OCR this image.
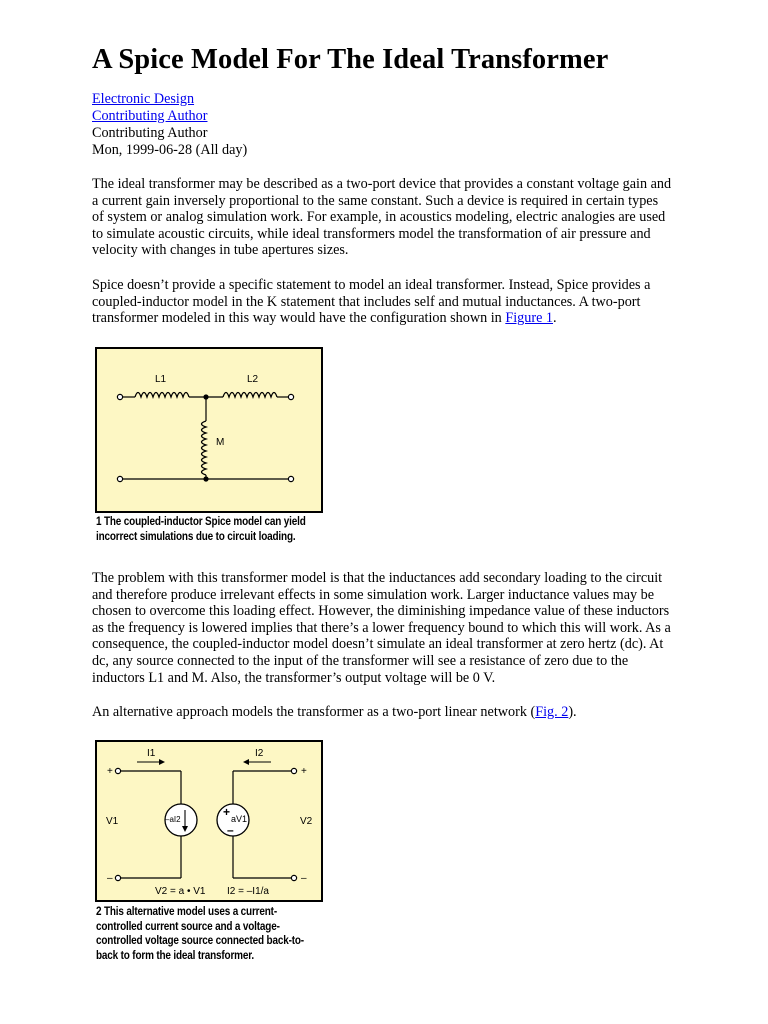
A Spice Model For The Ideal Transformer
Electronic Design
Contributing Author
Contributing Author
Mon, 1999-06-28 (All day)

The ideal transformer may be described as a two-port device that provides a constant voltage gain and
a current gain inversely proportional to the same constant. Such a device is required in certain types
of system or analog simulation work. For example, in acoustics modeling, electric analogies are used
to simulate acoustic circuits, while ideal transformers model the transformation of air pressure and
velocity with changes in tube apertures sizes.

Spice doesn’t provide a specific statement to model an ideal transformer. Instead, Spice provides a
coupled-inductor model in the K statement that includes self and mutual inductances. A two-port
transformer modeled in this way would have the configuration shown in Figure 1.

L1	L2
M
1 The coupled-inductor Spice model can yield
incorrect simulations due to circuit loading.

The problem with this transformer model is that the inductances add secondary loading to the circuit
and therefore produce irrelevant effects in some simulation work. Larger inductance values may be
chosen to overcome this loading effect. However, the diminishing impedance value of these inductors
as the frequency is lowered implies that there’s a lower frequency bound to which this will work. As a
consequence, the coupled-inductor model doesn’t simulate an ideal transformer at zero hertz (dc). At
dc, any source connected to the input of the transformer will see a resistance of zero due to the
inductors L1 and M. Also, the transformer’s output voltage will be 0 V.

An alternative approach models the transformer as a two-port linear network (Fig. 2).

I1	I2
+
–aI2
–
V1
+
+ aV1
–
–
V2
V2 = a • V1 I2 = –I1/a
2 This alternative model uses a current-
controlled current source and a voltage-
controlled voltage source connected back-to-
back to form the ideal transformer.
